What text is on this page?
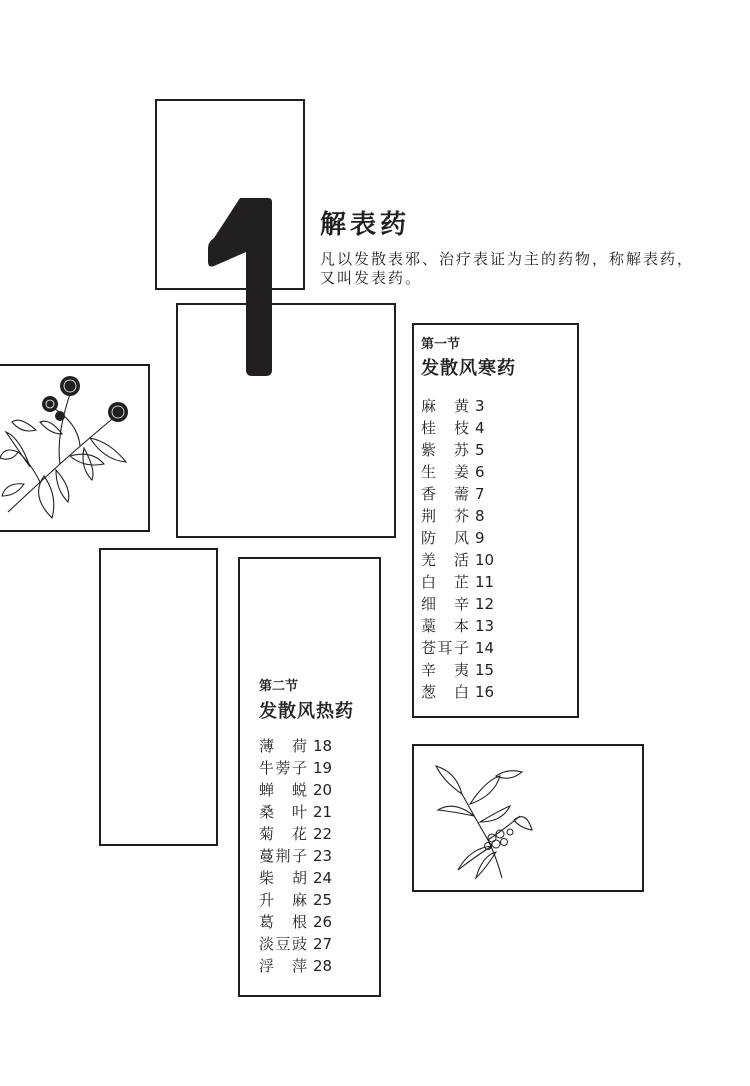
解表药

凡以发散表邪、治疗表证为主的药物，称解表药，又叫发表药。

第一节
发散风寒药
麻黄 3
桂枝 4
紫苏 5
生姜 6
香薷 7
荆芥 8
防风 9
羌活 10
白芷 11
细辛 12
藁本 13
苍耳子 14
辛夷 15
葱白 16
第二节
发散风热药
薄荷 18
牛蒡子 19
蝉蜕 20
桑叶 21
菊花 22
蔓荆子 23
柴胡 24
升麻 25
葛根 26
淡豆豉 27
浮萍 28
